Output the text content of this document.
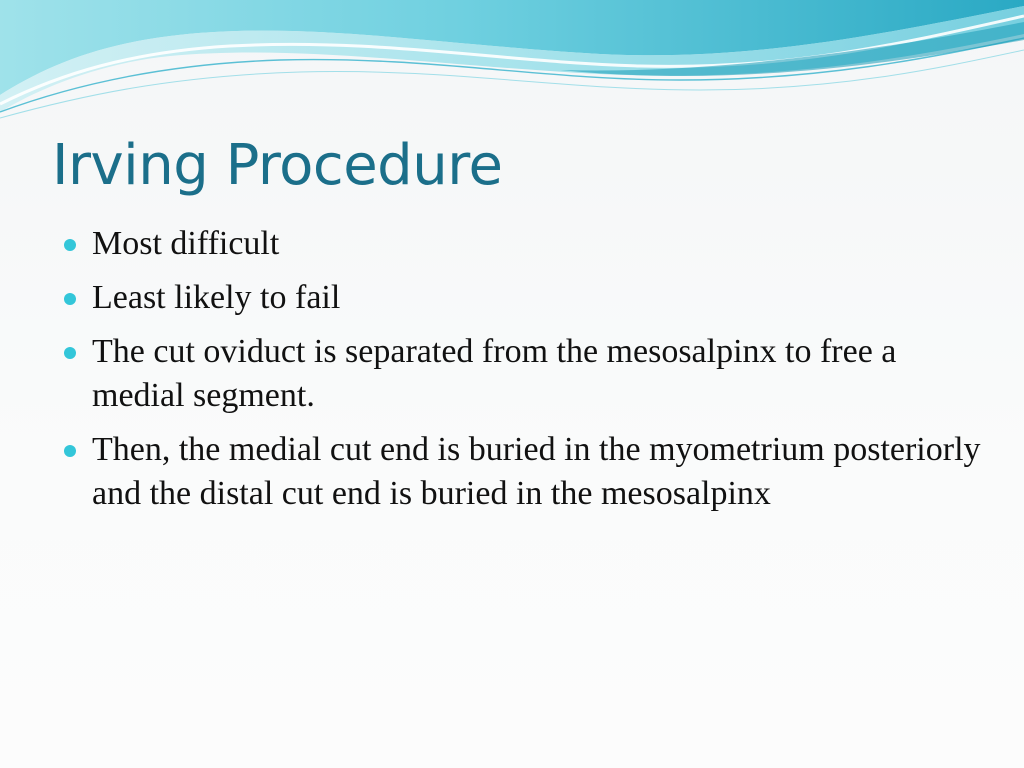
Irving Procedure
Most difficult
Least likely to fail
The cut oviduct is separated from the mesosalpinx to free a medial segment.
Then, the medial cut end is buried in the myometrium posteriorly and the distal cut end is buried in the mesosalpinx
